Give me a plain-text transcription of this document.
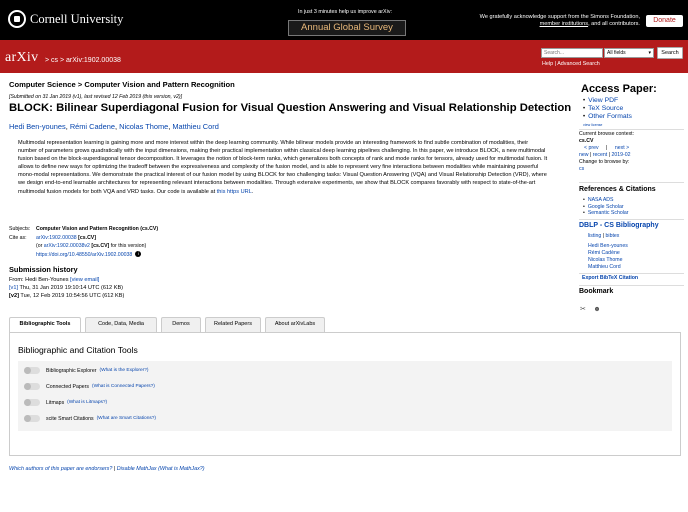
Cornell University	In just 3 minutes help us improve arXiv:
Annual Global Survey
We gratefully acknowledge support from the Simons Foundation,
member institutions, and all contributors.	Donate
arXiv > cs > arXiv:1902.00038
Search...	All fields	▾	Search
Help | Advanced Search
Computer Science > Computer Vision and Pattern Recognition
[Submitted on 31 Jan 2019 (v1), last revised 12 Feb 2019 (this version, v2)]
BLOCK: Bilinear Superdiagonal Fusion for Visual Question Answering and Visual Relationship Detection
Hedi Ben-younes, Rémi Cadene, Nicolas Thome, Matthieu Cord
Multimodal representation learning is gaining more and more interest within the deep learning community. While bilinear models provide an interesting framework to find subtle combination of modalities, their number of parameters grows quadratically with the input dimensions, making their practical implementation within classical deep learning pipelines challenging. In this paper, we introduce BLOCK, a new multimodal fusion based on the block-superdiagonal tensor decomposition. It leverages the notion of block-term ranks, which generalizes both concepts of rank and mode ranks for tensors, already used for multimodal fusion. It allows to define new ways for optimizing the tradeoff between the expressiveness and complexity of the fusion model, and is able to represent very fine interactions between modalities while maintaining powerful mono-modal representations. We demonstrate the practical interest of our fusion model by using BLOCK for two challenging tasks: Visual Question Answering (VQA) and Visual Relationship Detection (VRD), where we design end-to-end learnable architectures for representing relevant interactions between modalities. Through extensive experiments, we show that BLOCK compares favorably with respect to state-of-the-art multimodal fusion models for both VQA and VRD tasks. Our code is available at this https URL.
Subjects:	Computer Vision and Pattern Recognition (cs.CV)
Cite as:	arXiv:1902.00038 [cs.CV]
(or arXiv:1902.00038v2 [cs.CV] for this version)
https://doi.org/10.48550/arXiv.1902.00038 i
Submission history
From: Hedi Ben-Younes [view email]
[v1] Thu, 31 Jan 2019 19:10:14 UTC (612 KB)
[v2] Tue, 12 Feb 2019 10:54:56 UTC (612 KB)
Bibliographic Tools	Code, Data, Media	Demos	Related Papers	About arXivLabs
Bibliographic and Citation Tools
Bibliographic Explorer (What is the Explorer?)
Connected Papers (What is Connected Papers?)
Litmaps (What is Litmaps?)
scite Smart Citations (What are Smart Citations?)
Which authors of this paper are endorsers? | Disable MathJax (What is MathJax?)
Access Paper:
• View PDF
• TeX Source
• Other Formats
view license
Current browse context:
cs.CV
< prev | next >
new | recent | 2019-02
Change to browse by:
cs
References & Citations
• NASA ADS
• Google Scholar
• Semantic Scholar
DBLP - CS Bibliography
listing | bibtex
Hedi Ben-younes
Rémi Cadène
Nicolas Thome
Matthieu Cord
Export BibTeX Citation
Bookmark
✂ ☻
